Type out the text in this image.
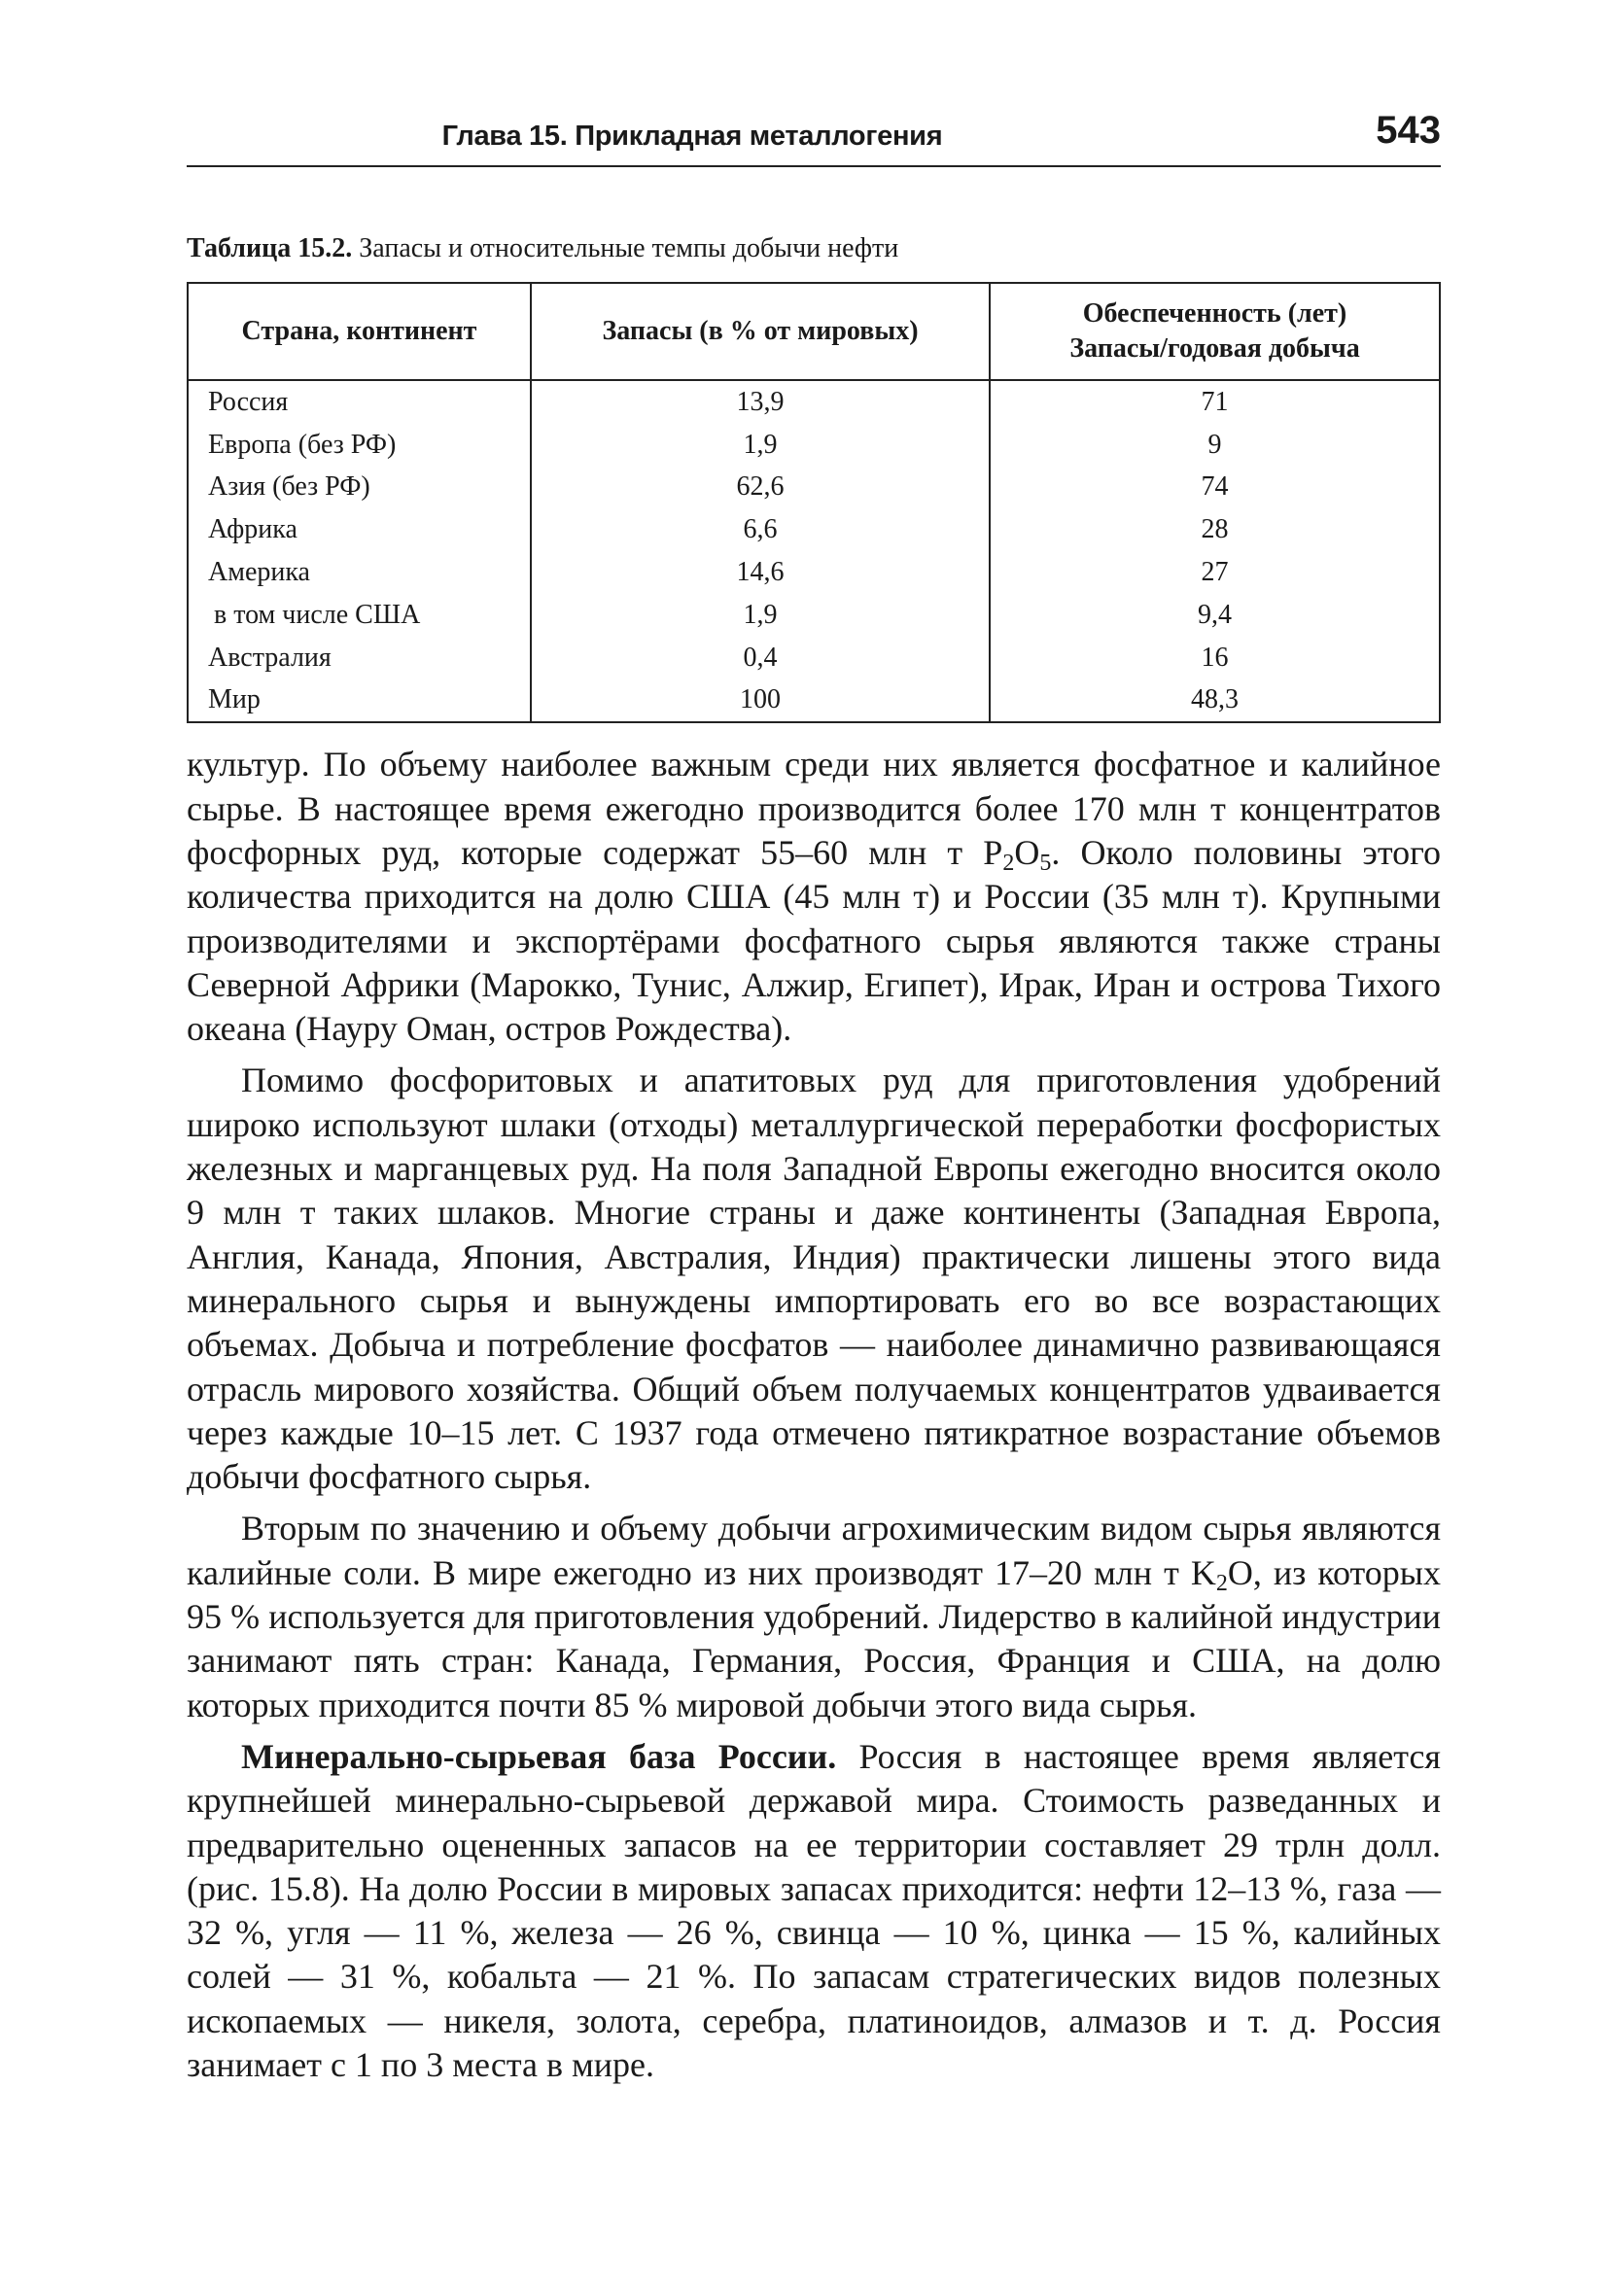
Глава 15. Прикладная металлогения	543
Таблица 15.2. Запасы и относительные темпы добычи нефти
Страна, континент	Запасы (в % от мировых)	Обеспеченность (лет)
Запасы/годовая добыча
Россия	13,9	71
Европа (без РФ)	1,9	9
Азия (без РФ)	62,6	74
Африка	6,6	28
Америка	14,6	27
в том числе США	1,9	9,4
Австралия	0,4	16
Мир	100	48,3

культур. По объему наиболее важным среди них является фосфатное и калийное сырье. В настоящее время ежегодно производится более 170 млн т концентратов фосфорных руд, которые содержат 55–60 млн т $P_2O_5$. Около половины этого количества приходится на долю США (45 млн т) и России (35 млн т). Крупными производителями и экспортёрами фосфатного сырья являются также страны Северной Африки (Марокко, Тунис, Алжир, Египет), Ирак, Иран и острова Тихого океана (Науру Оман, остров Рождества).

Помимо фосфоритовых и апатитовых руд для приготовления удобрений широко используют шлаки (отходы) металлургической переработки фосфористых железных и марганцевых руд. На поля Западной Европы ежегодно вносится около 9 млн т таких шлаков. Многие страны и даже континенты (Западная Европа, Англия, Канада, Япония, Австралия, Индия) практически лишены этого вида минерального сырья и вынуждены импортировать его во все возрастающих объемах. Добыча и потребление фосфатов — наиболее динамично развивающаяся отрасль мирового хозяйства. Общий объем получаемых концентратов удваивается через каждые 10–15 лет. С 1937 года отмечено пятикратное возрастание объемов добычи фосфатного сырья.

Вторым по значению и объему добычи агрохимическим видом сырья являются калийные соли. В мире ежегодно из них производят 17–20 млн т $K_2O$, из которых 95 % используется для приготовления удобрений. Лидерство в калийной индустрии занимают пять стран: Канада, Германия, Россия, Франция и США, на долю которых приходится почти 85 % мировой добычи этого вида сырья.

Минерально-сырьевая база России. Россия в настоящее время является крупнейшей минерально-сырьевой державой мира. Стоимость разведанных и предварительно оцененных запасов на ее территории составляет 29 трлн долл. (рис. 15.8). На долю России в мировых запасах приходится: нефти 12–13 %, газа — 32 %, угля — 11 %, железа — 26 %, свинца — 10 %, цинка — 15 %, калийных солей — 31 %, кобальта — 21 %. По запасам стратегических видов полезных ископаемых — никеля, золота, серебра, платиноидов, алмазов и т. д. Россия занимает с 1 по 3 места в мире.
